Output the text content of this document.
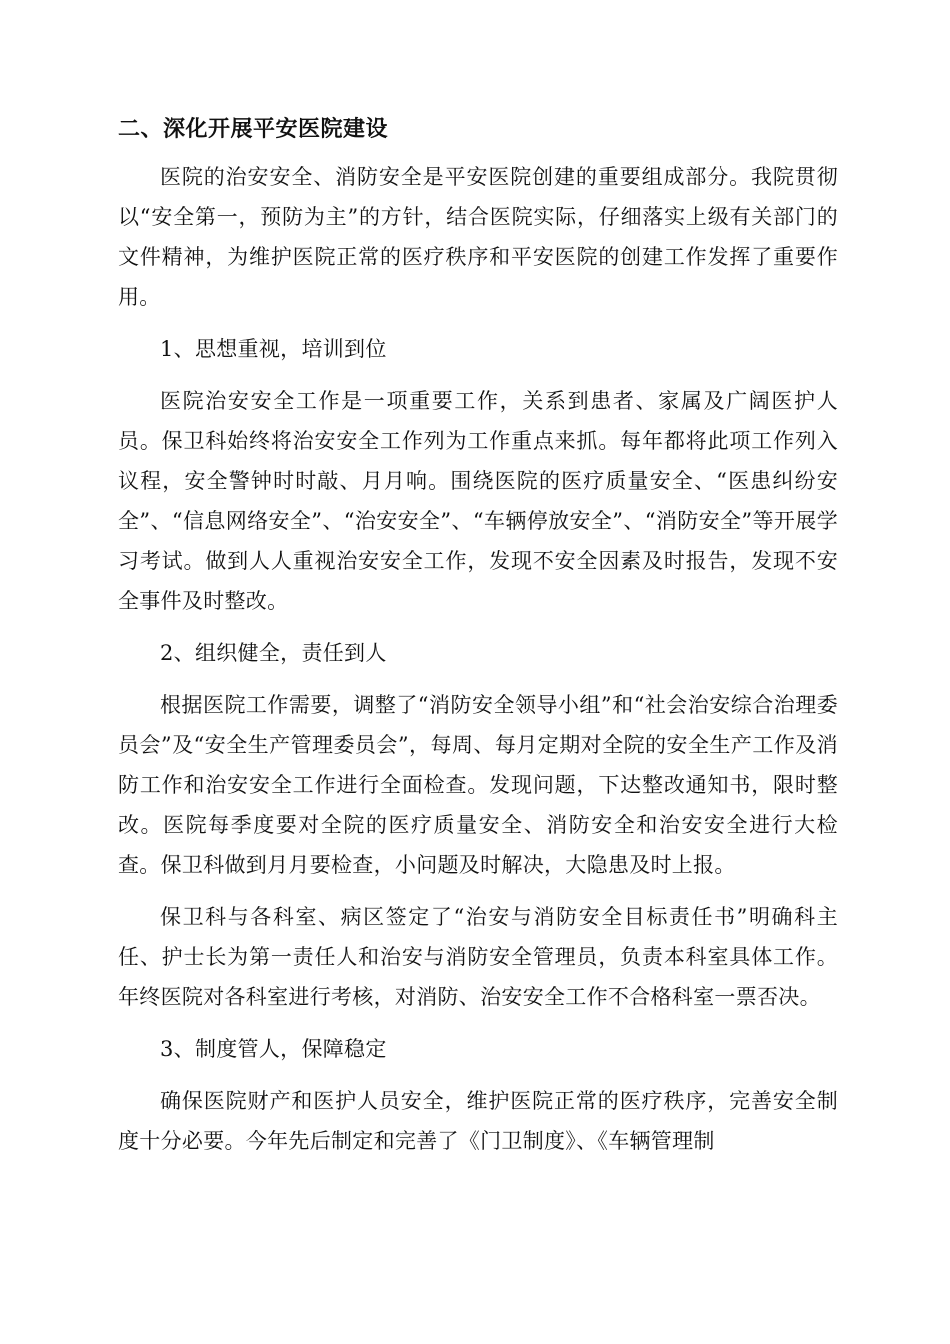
二、深化开展平安医院建设

医院的治安安全、消防安全是平安医院创建的重要组成部分。我院贯彻以“安全第一，预防为主”的方针，结合医院实际，仔细落实上级有关部门的文件精神，为维护医院正常的医疗秩序和平安医院的创建工作发挥了重要作用。

1、思想重视，培训到位

医院治安安全工作是一项重要工作，关系到患者、家属及广阔医护人员。保卫科始终将治安安全工作列为工作重点来抓。每年都将此项工作列入议程，安全警钟时时敲、月月响。围绕医院的医疗质量安全、“医患纠纷安全”、“信息网络安全”、“治安安全”、“车辆停放安全”、“消防安全”等开展学习考试。做到人人重视治安安全工作，发现不安全因素及时报告，发现不安全事件及时整改。

2、组织健全，责任到人

根据医院工作需要，调整了“消防安全领导小组”和“社会治安综合治理委员会”及“安全生产管理委员会”，每周、每月定期对全院的安全生产工作及消防工作和治安安全工作进行全面检查。发现问题，下达整改通知书，限时整改。医院每季度要对全院的医疗质量安全、消防安全和治安安全进行大检查。保卫科做到月月要检查，小问题及时解决，大隐患及时上报。

保卫科与各科室、病区签定了“治安与消防安全目标责任书”明确科主任、护士长为第一责任人和治安与消防安全管理员，负责本科室具体工作。年终医院对各科室进行考核，对消防、治安安全工作不合格科室一票否决。

3、制度管人，保障稳定

确保医院财产和医护人员安全，维护医院正常的医疗秩序，完善安全制度十分必要。今年先后制定和完善了《门卫制度》、《车辆管理制
